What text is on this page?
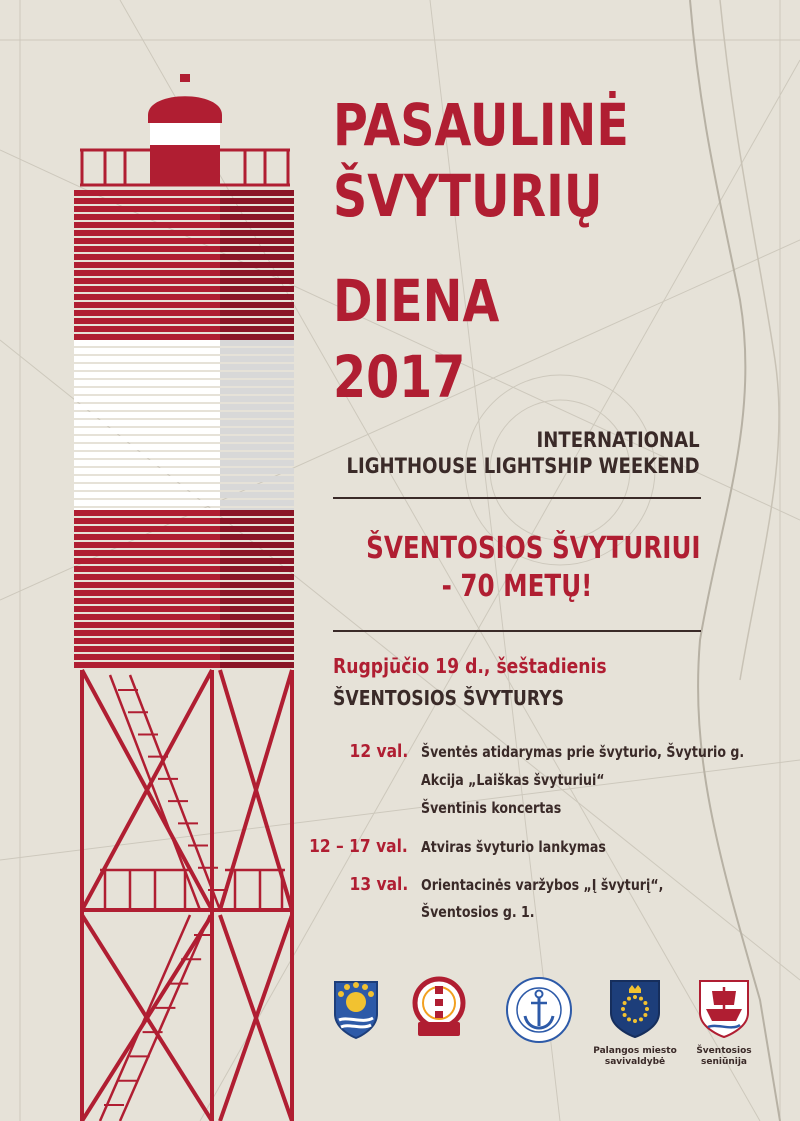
PASAULINĖ
ŠVYTURIŲ
DIENA
2017
INTERNATIONAL
LIGHTHOUSE LIGHTSHIP WEEKEND
ŠVENTOSIOS ŠVYTURIUI
- 70 METŲ!
Rugpjūčio 19 d., šeštadienis
ŠVENTOSIOS ŠVYTURYS
12 val. Šventės atidarymas prie švyturio, Švyturio g.
Akcija „Laiškas švyturiui“
Šventinis koncertas
12 – 17 val. Atviras švyturio lankymas
13 val. Orientacinės varžybos „Į švyturį“,
Šventosios g. 1.
Palangos miesto savivaldybė
Šventosios seniūnija
